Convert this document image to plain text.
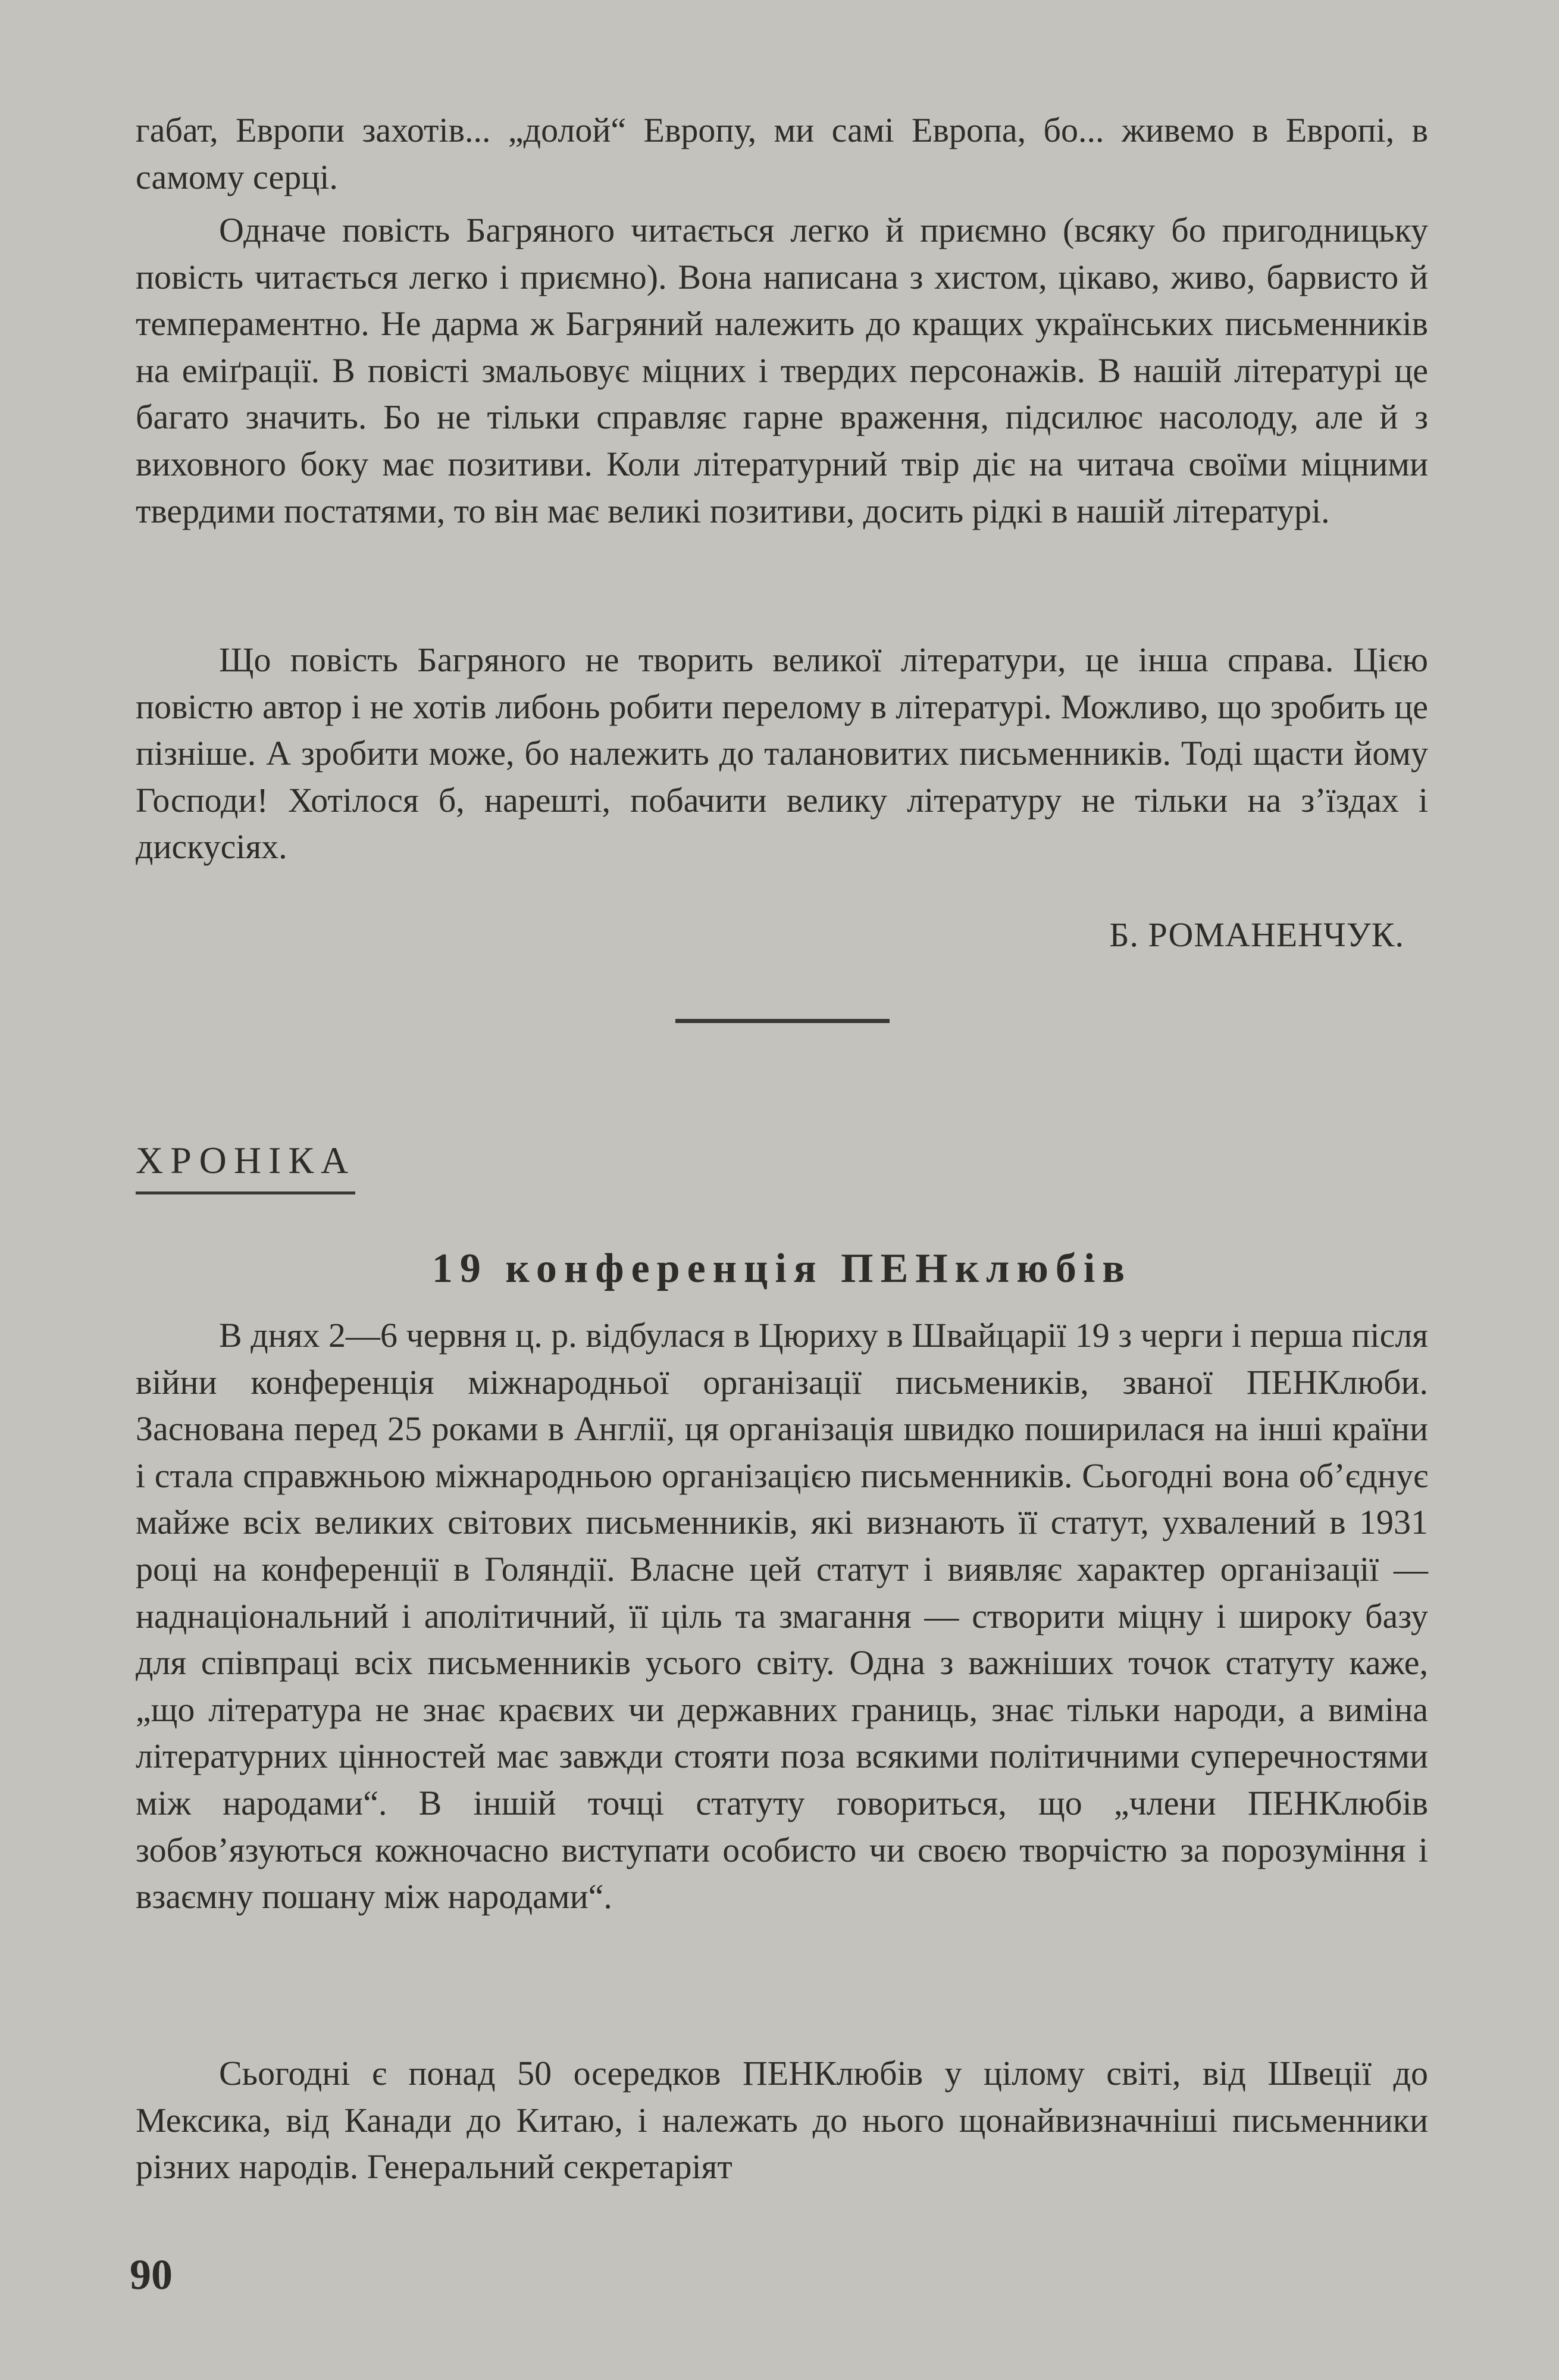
габат, Европи захотів... „долой“ Европу, ми самі Европа, бо... живемо в Европі, в самому серці.

Одначе повість Багряного читається легко й приємно (всяку бо пригодницьку повість читається легко і приємно). Вона написана з хистом, цікаво, живо, барвисто й темпераментно. Не дарма ж Багряний належить до кращих українських письменників на еміґрації. В повісті змальовує міцних і твердих персонажів. В нашій літературі це багато значить. Бо не тільки справляє гарне враження, підсилює насолоду, але й з виховного боку має позитиви. Коли літературний твір діє на читача своїми міцними твердими постатями, то він має великі позитиви, досить рідкі в нашій літературі.

Що повість Багряного не творить великої літератури, це інша справа. Цією повістю автор і не хотів либонь робити перелому в літературі. Можливо, що зробить це пізніше. А зробити може, бо належить до талановитих письменників. Тоді щасти йому Господи! Хотілося б, нарешті, побачити велику літературу не тільки на з’їздах і дискусіях.

Б. РОМАНЕНЧУК.
ХРОНІКА
19 конференція ПЕНклюбів

В днях 2—6 червня ц. р. відбулася в Цюриху в Швайцарії 19 з черги і перша після війни конференція міжнародньої організації письмеників, званої ПЕНКлюби. Заснована перед 25 роками в Англії, ця організація швидко поширилася на інші країни і стала справжньою міжнародньою організацією письменників. Сьогодні вона об’єднує майже всіх великих світових письменників, які визнають її статут, ухвалений в 1931 році на конференції в Голяндії. Власне цей статут і виявляє характер організації — наднаціональний і аполітичний, її ціль та змагання — створити міцну і широку базу для співпраці всіх письменників усього світу. Одна з важніших точок статуту каже, „що література не знає краєвих чи державних границь, знає тільки народи, а виміна літературних цінностей має завжди стояти поза всякими політичними суперечностями між народами“. В іншій точці статуту говориться, що „члени ПЕНКлюбів зобов’язуються кожночасно виступати особисто чи своєю творчістю за порозуміння і взаємну пошану між народами“.

Сьогодні є понад 50 осередков ПЕНКлюбів у цілому світі, від Швеції до Мексика, від Канади до Китаю, і належать до нього щонайвизначніші письменники різних народів. Генеральний секретаріят

90
